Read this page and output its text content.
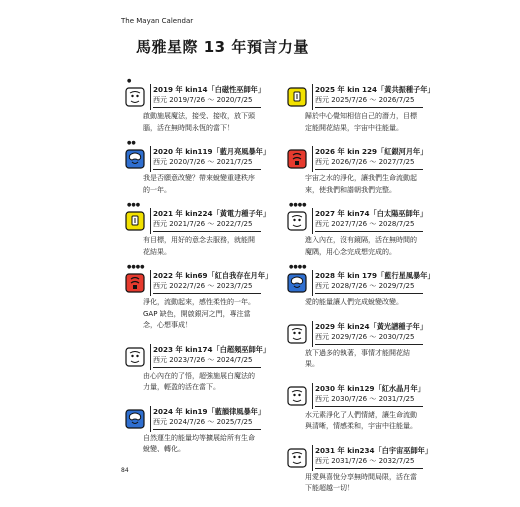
The Mayan Calendar
馬雅星際 13 年預言力量
●
2019 年 kin14「白磁性巫師年」
西元 2019/7/26 ～ 2020/7/25
啟動施展魔法，接受、接收，放下頭腦，活在無時間永恆的當下！
●●
2020 年 kin119「藍月亮風暴年」
西元 2020/7/26 ～ 2021/7/25
我是否願意改變？帶來蛻變重建秩序的一年。
●●●
2021 年 kin224「黃電力種子年」
西元 2021/7/26 ～ 2022/7/25
有目標，用好的意念去服務，就能開花結果。
●●●●
2022 年 kin69「紅自我存在月年」
西元 2022/7/26 ～ 2023/7/25
淨化，流動起來，感性柔性的一年。GAP 缺色，開啟銀河之門，專注當念，心想事成！
2023 年 kin174「白超頻巫師年」
西元 2023/7/26 ～ 2024/7/25
由心內在的了悟，超強施展白魔法的力量，輕盈的活在當下。
2024 年 kin19「藍韻律風暴年」
西元 2024/7/26 ～ 2025/7/25
自然運生的能量均等擴展給所有生命蛻變、轉化。
2025 年 kin 124「黃共振種子年」
西元 2025/7/26 ～ 2026/7/25
歸於中心覺知相信自己的潛力，目標定能開花結果，宇宙中往能量。
2026 年 kin 229「紅銀河月年」
西元 2026/7/26 ～ 2027/7/25
宇宙之水的淨化，讓我們生命流動起來，使我們和諧朝我們完整。
●●●●
2027 年 kin74「白太陽巫師年」
西元 2027/7/26 ～ 2028/7/25
進入內在，沒有鏡隔，活在無時間的魔隅，用心念完成想完成的。
●●●●
2028 年 kin 179「藍行星風暴年」
西元 2028/7/26 ～ 2029/7/25
愛的能量讓人們完成蛻變改變。
2029 年 kin24「黃光譜種子年」
西元 2029/7/26 ～ 2030/7/25
放下過多的執著，事情才能開花結果。
2030 年 kin129「紅水晶月年」
西元 2030/7/26 ～ 2031/7/25
水元素淨化了人們情緒，讓生命流動與清晰，情感柔和，宇宙中往能量。
2031 年 kin234「白宇宙巫師年」
西元 2031/7/26 ～ 2032/7/25
用愛與喜悅分享無時間局限，活在當下能超越一切！
84
